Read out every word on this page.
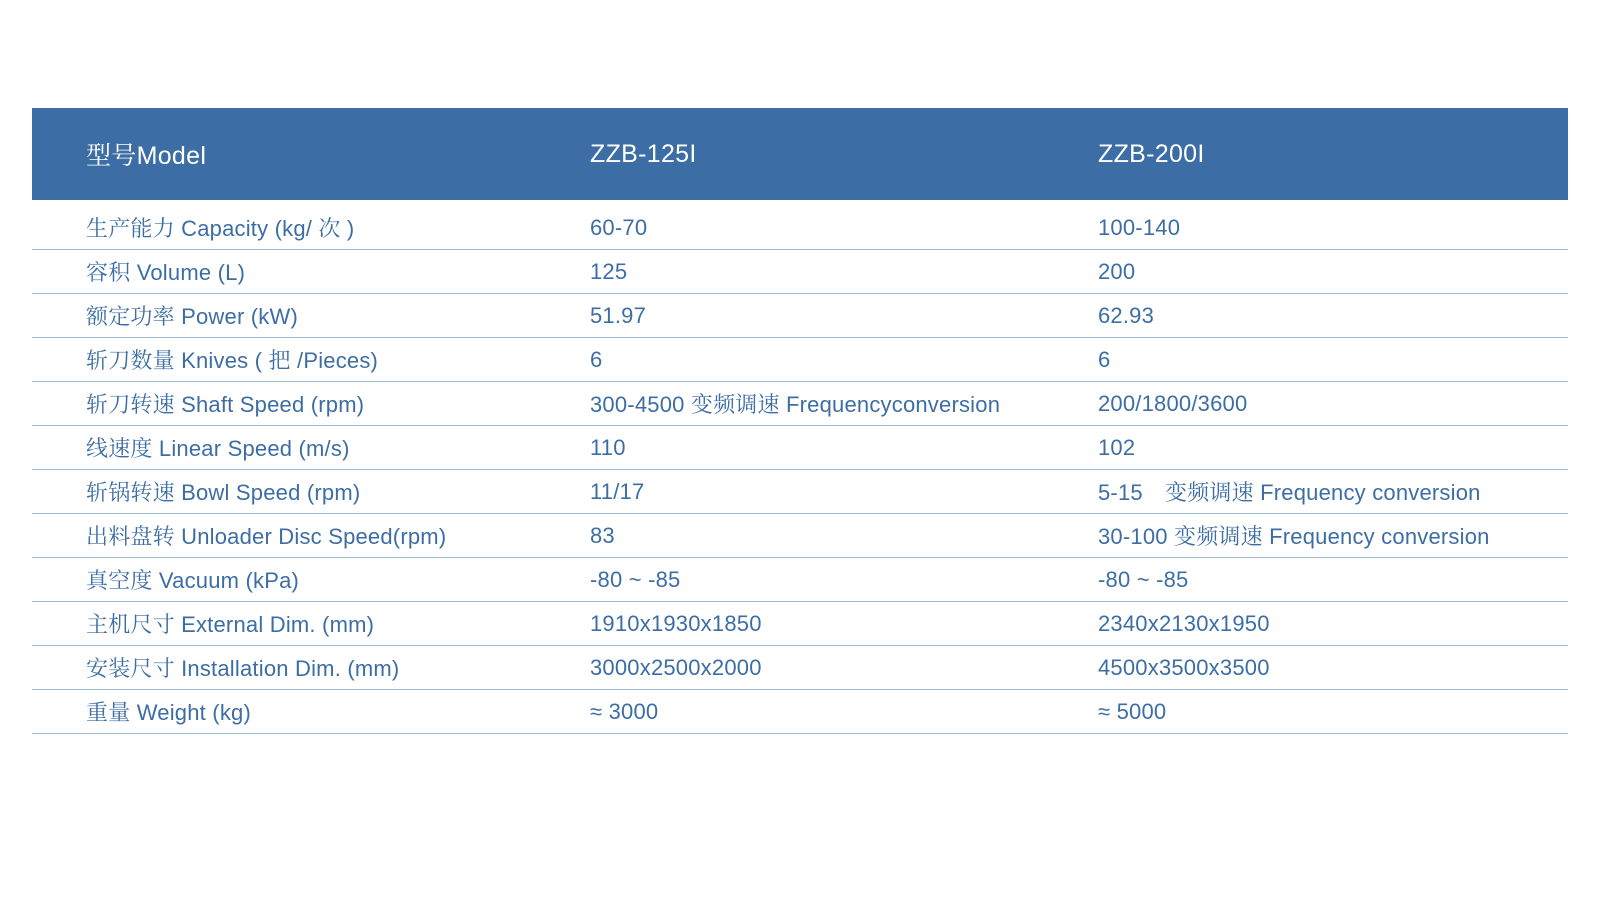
型号Model	ZZB-125I	ZZB-200I
生产能力 Capacity (kg/ 次 )	60-70	100-140
容积 Volume (L)	125	200
额定功率 Power (kW)	51.97	62.93
斩刀数量 Knives ( 把 /Pieces)	6	6
斩刀转速 Shaft Speed (rpm)	300-4500 变频调速 Frequencyconversion	200/1800/3600
线速度 Linear Speed (m/s)	110	102
斩锅转速 Bowl Speed (rpm)	11/17	5-15　变频调速 Frequency conversion
出料盘转 Unloader Disc Speed(rpm)	83	30-100 变频调速 Frequency conversion
真空度 Vacuum (kPa)	-80 ~ -85	-80 ~ -85
主机尺寸 External Dim. (mm)	1910x1930x1850	2340x2130x1950
安装尺寸 Installation Dim. (mm)	3000x2500x2000	4500x3500x3500
重量 Weight (kg)	≈ 3000	≈ 5000
